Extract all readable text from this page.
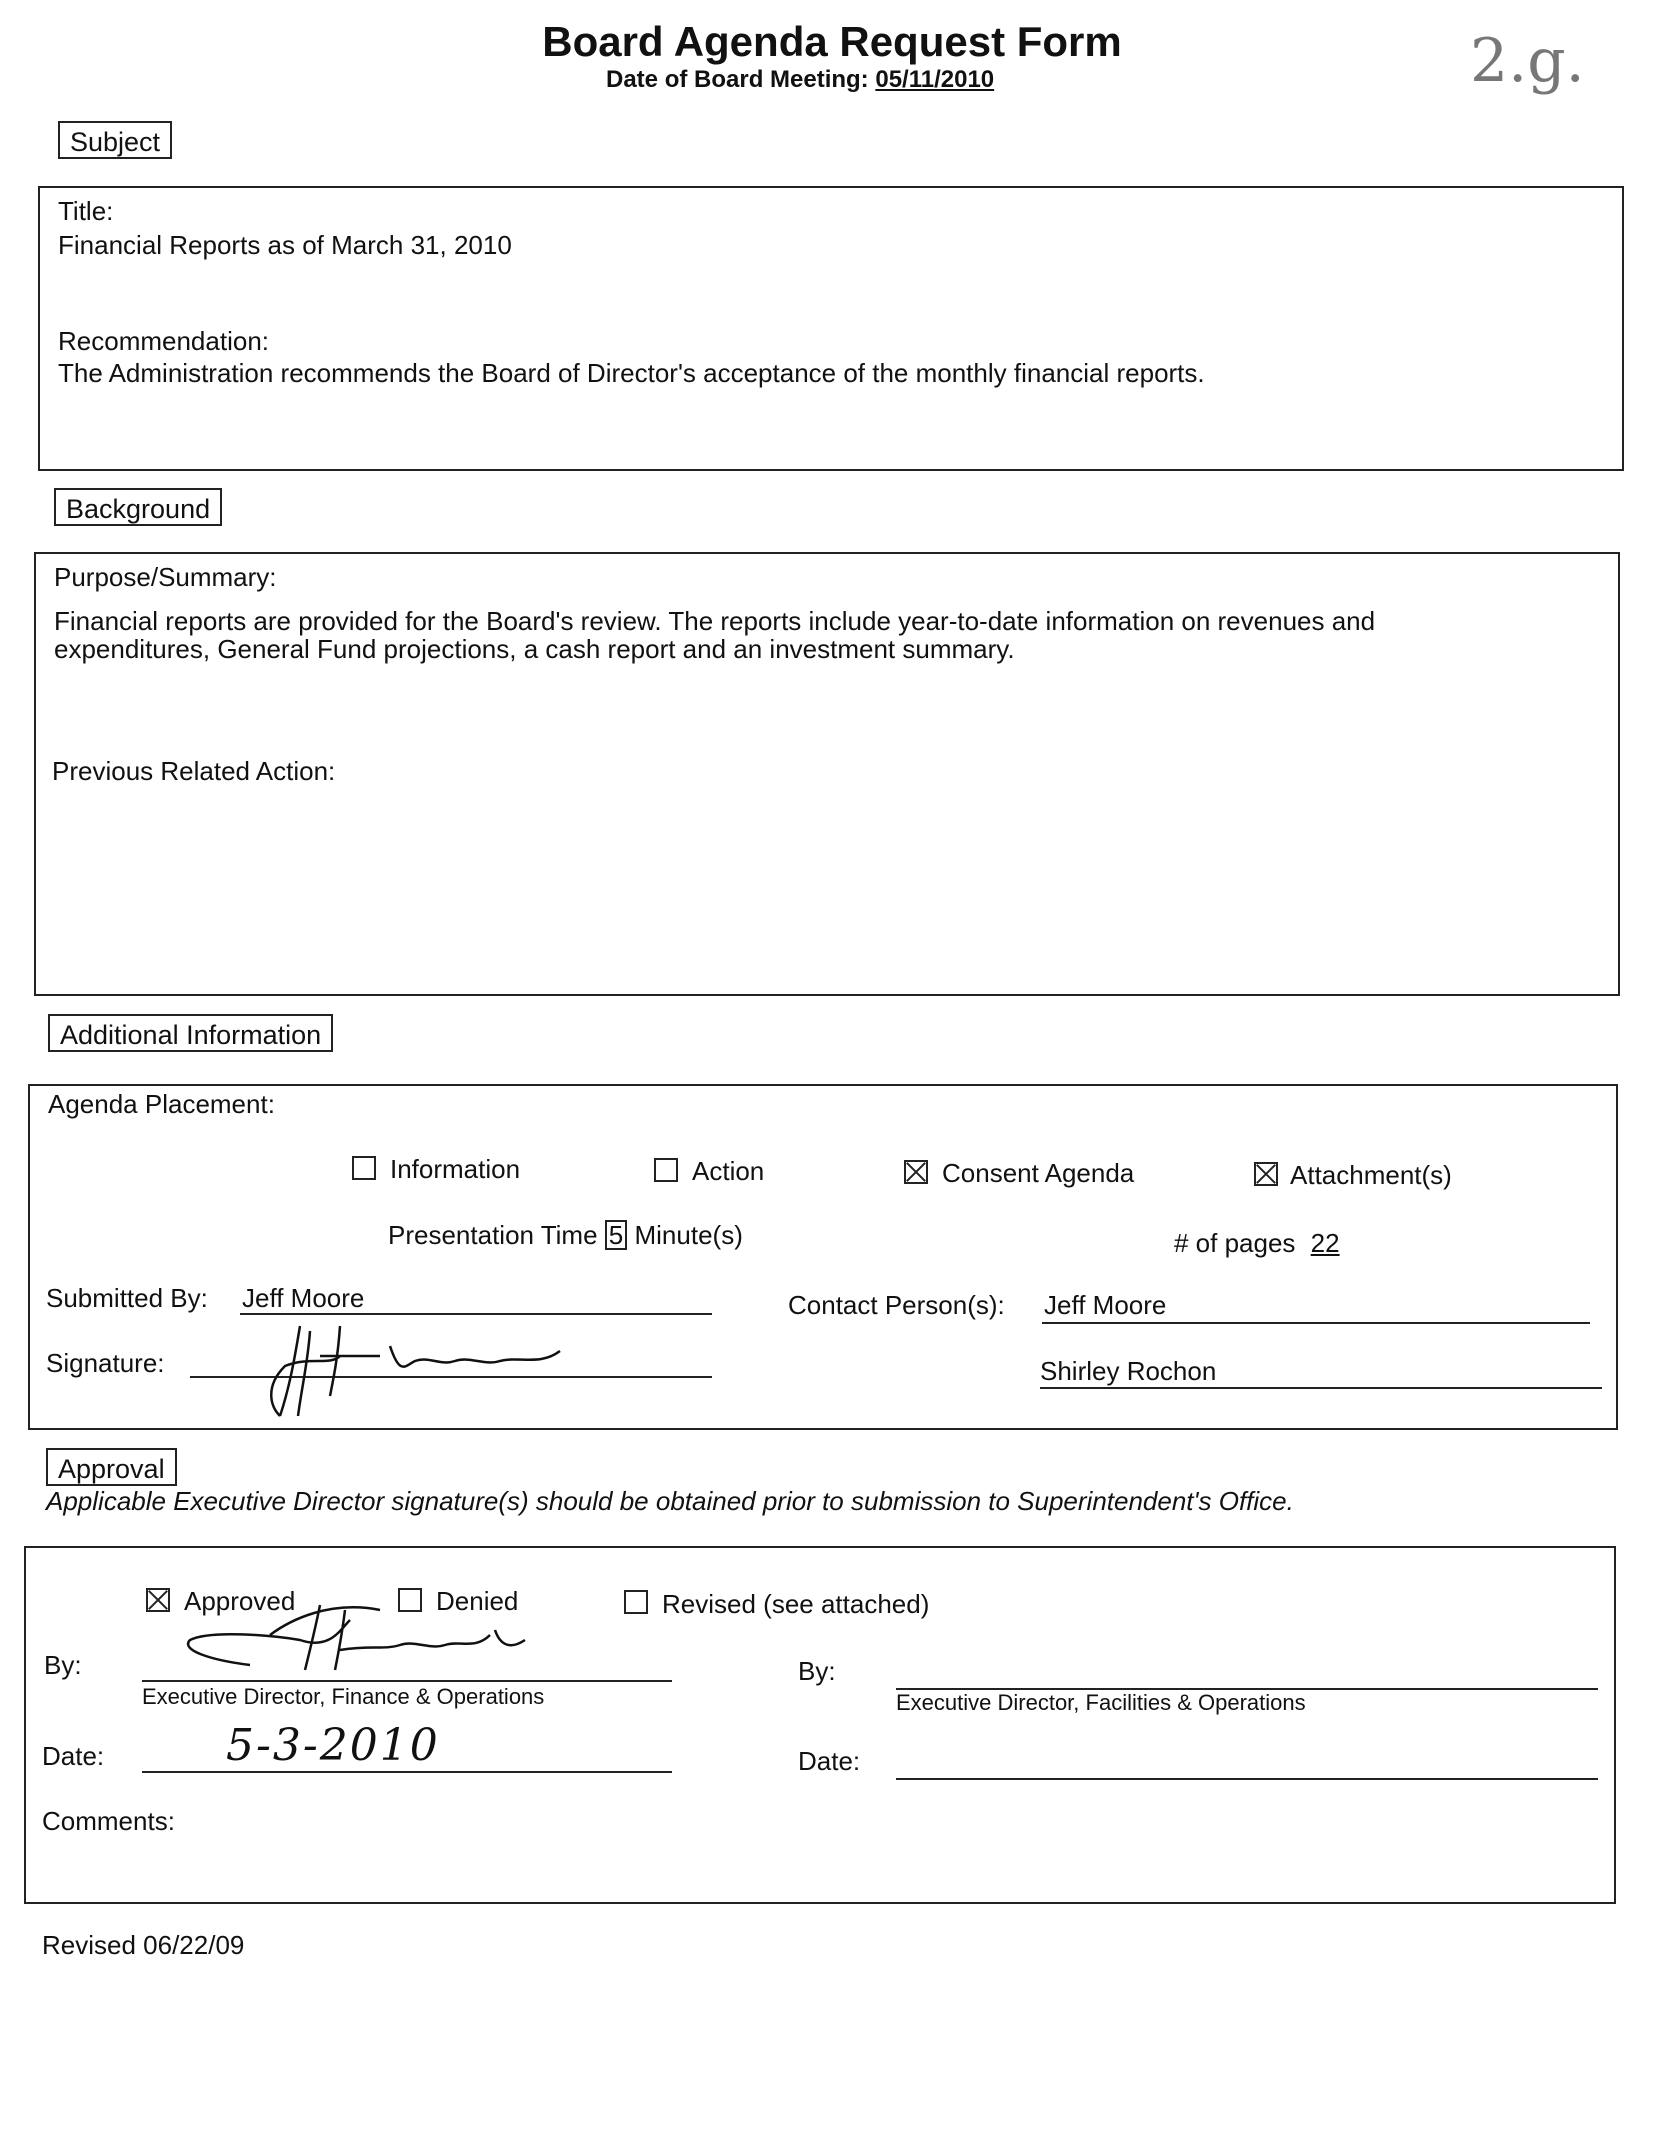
Board Agenda Request Form
Date of Board Meeting: 05/11/2010	2.g.
Subject
Title:
Financial Reports as of March 31, 2010
Recommendation:
The Administration recommends the Board of Director's acceptance of the monthly financial reports.
Background
Purpose/Summary:
Financial reports are provided for the Board's review. The reports include year-to-date information on revenues and
expenditures, General Fund projections, a cash report and an investment summary.
Previous Related Action:
Additional Information
Agenda Placement:
Information	Action	Consent Agenda	Attachment(s)
Presentation Time 5 Minute(s)	# of pages 22
Submitted By: Jeff Moore	Contact Person(s): Jeff Moore
Signature:	Shirley Rochon
Approval
Applicable Executive Director signature(s) should be obtained prior to submission to Superintendent's Office.
Approved	Denied	Revised (see attached)
By:
Executive Director, Finance & Operations
By:
Executive Director, Facilities & Operations
Date:	5-3-2010	Date:
Comments:
Revised 06/22/09
